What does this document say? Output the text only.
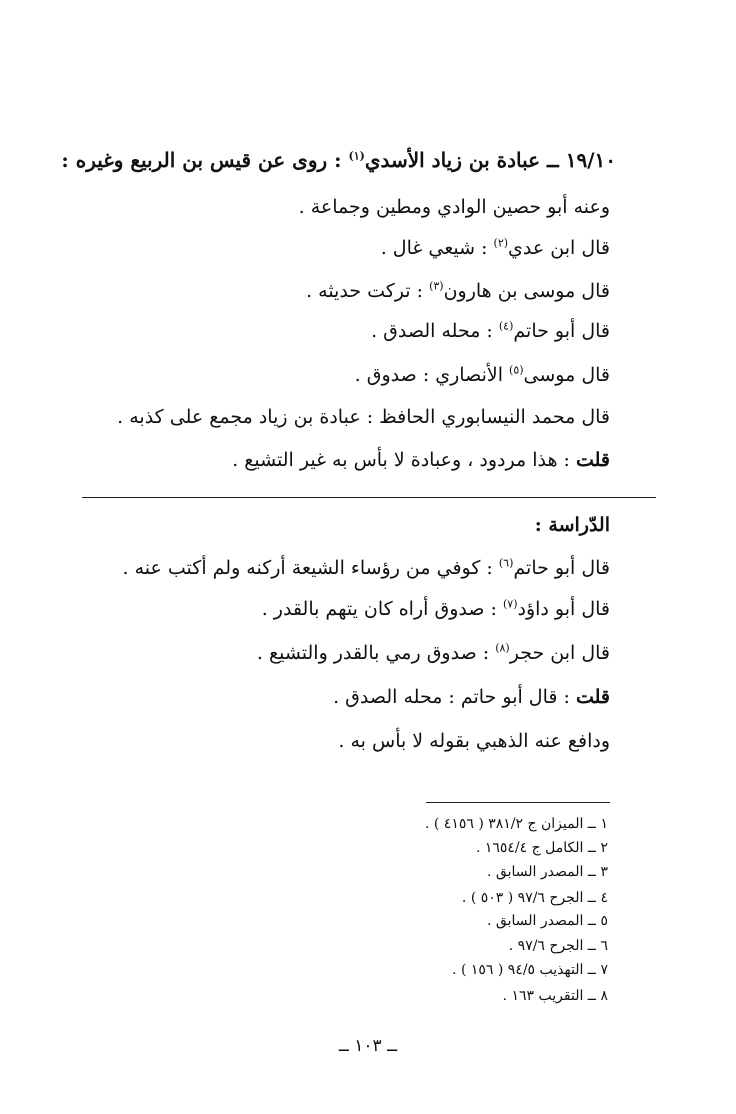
١٩/١٠ ــ عبادة بن زياد الأسدي$^{(١)}$ : روى عن قيس بن الربيع وغيره :
وعنه أبو حصين الوادي ومطين وجماعة .
قال ابن عدي$^{(٢)}$ : شيعي غال .
قال موسى بن هارون$^{(٣)}$ : تركت حديثه .
قال أبو حاتم$^{(٤)}$ : محله الصدق .
قال موسى$^{(٥)}$ الأنصاري : صدوق .
قال محمد النيسابوري الحافظ : عبادة بن زياد مجمع على كذبه .
قلت : هذا مردود ، وعبادة لا بأس به غير التشيع .
الدّراسة :
قال أبو حاتم$^{(٦)}$ : كوفي من رؤساء الشيعة أركنه ولم أكتب عنه .
قال أبو داؤد$^{(٧)}$ : صدوق أراه كان يتهم بالقدر .
قال ابن حجر$^{(٨)}$ : صدوق رمي بالقدر والتشيع .
قلت : قال أبو حاتم : محله الصدق .
ودافع عنه الذهبي بقوله لا بأس به .
١ ــ الميزان ج ٣٨١/٢ ( ٤١٥٦ ) .
٢ ــ الكامل ج ١٦٥٤/٤ .
٣ ــ المصدر السابق .
٤ ــ الجرح ٩٧/٦ ( ٥٠٣ ) .
٥ ــ المصدر السابق .
٦ ــ الجرح ٩٧/٦ .
٧ ــ التهذيب ٩٤/٥ ( ١٥٦ ) .
٨ ــ التقريب ١٦٣ .
ــ ١٠٣ ــ
